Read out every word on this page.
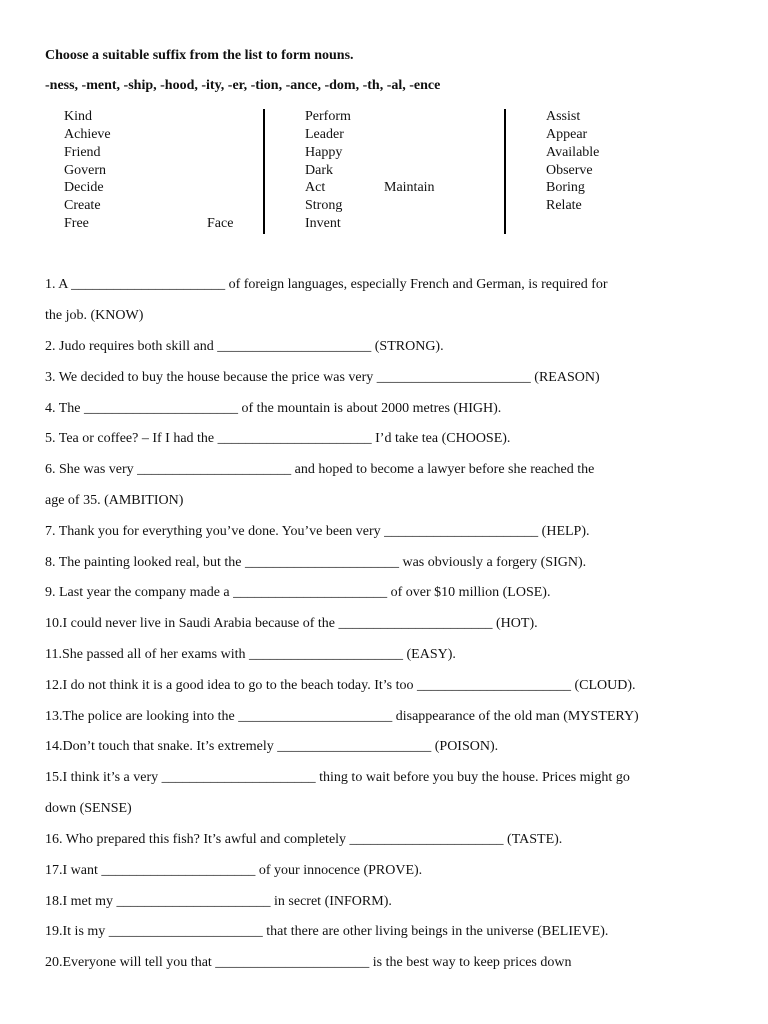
Choose a suitable suffix from the list to form nouns.
-ness, -ment, -ship, -hood, -ity, -er, -tion, -ance, -dom, -th, -al, -ence
Kind
Achieve
Friend
Govern
Decide
Create
Free	Face
Perform
Leader
Happy
Dark
Act	Maintain
Strong
Invent
Assist
Appear
Available
Observe
Boring
Relate
1. A ______________________ of foreign languages, especially French and German, is required for
the job. (KNOW)
2. Judo requires both skill and ______________________ (STRONG).
3. We decided to buy the house because the price was very ______________________ (REASON)
4. The ______________________ of the mountain is about 2000 metres (HIGH).
5. Tea or coffee? – If I had the ______________________ I’d take tea (CHOOSE).
6. She was very ______________________ and hoped to become a lawyer before she reached the
age of 35. (AMBITION)
7. Thank you for everything you’ve done. You’ve been very ______________________ (HELP).
8. The painting looked real, but the ______________________ was obviously a forgery (SIGN).
9. Last year the company made a ______________________ of over $10 million (LOSE).
10.I could never live in Saudi Arabia because of the ______________________ (HOT).
11.She passed all of her exams with ______________________ (EASY).
12.I do not think it is a good idea to go to the beach today. It’s too ______________________ (CLOUD).
13.The police are looking into the ______________________ disappearance of the old man (MYSTERY)
14.Don’t touch that snake. It’s extremely ______________________ (POISON).
15.I think it’s a very ______________________ thing to wait before you buy the house. Prices might go
down (SENSE)
16. Who prepared this fish? It’s awful and completely ______________________ (TASTE).
17.I want ______________________ of your innocence (PROVE).
18.I met my ______________________ in secret (INFORM).
19.It is my ______________________ that there are other living beings in the universe (BELIEVE).
20.Everyone will tell you that ______________________ is the best way to keep prices down
